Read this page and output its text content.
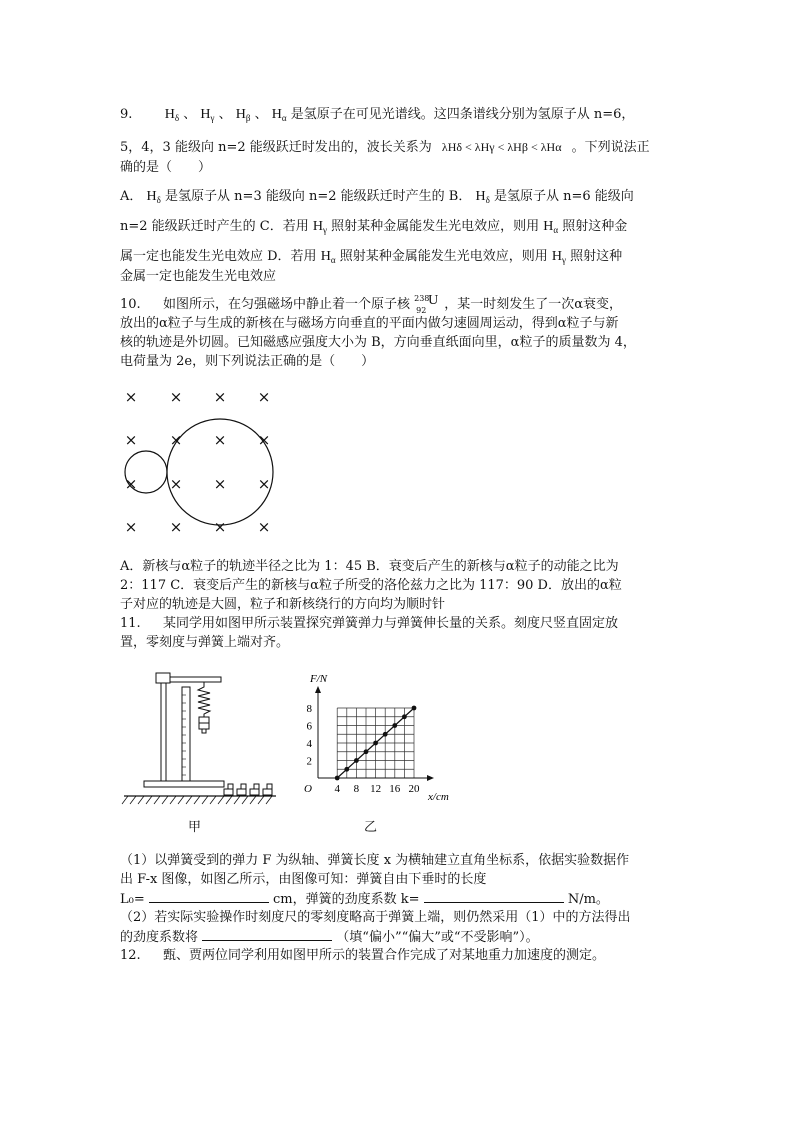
9. $H_\delta$ 、 $H_\gamma$ 、 $H_\beta$ 、 $H_\alpha$ 是氢原子在可见光谱线。这四条谱线分别为氢原子从 n=6，
5，4，3 能级向 n=2 能级跃迁时发出的，波长关系为 λHδ < λHγ < λHβ < λHα 。下列说法正
确的是（　　）
A． $H_\delta$ 是氢原子从 n=3 能级向 n=2 能级跃迁时产生的 B． $H_\delta$ 是氢原子从 n=6 能级向
n=2 能级跃迁时产生的 C．若用 $H_\gamma$ 照射某种金属能发生光电效应，则用 $H_\alpha$ 照射这种金
属一定也能发生光电效应 D．若用 $H_\alpha$ 照射某种金属能发生光电效应，则用 $H_\gamma$ 照射这种
金属一定也能发生光电效应
10. 如图所示，在匀强磁场中静止着一个原子核 238
92
U ，某一时刻发生了一次α衰变，
放出的α粒子与生成的新核在与磁场方向垂直的平面内做匀速圆周运动，得到α粒子与新
核的轨迹是外切圆。已知磁感应强度大小为 B，方向垂直纸面向里，α粒子的质量数为 4，
电荷量为 2e，则下列说法正确的是（　　）
× × × ×
× × × ×
× × × ×
× × × ×
A．新核与α粒子的轨迹半径之比为 1：45 B．衰变后产生的新核与α粒子的动能之比为
2：117 C．衰变后产生的新核与α粒子所受的洛伦兹力之比为 117：90 D．放出的α粒
子对应的轨迹是大圆，粒子和新核绕行的方向均为顺时针
11. 某同学用如图甲所示装置探究弹簧弹力与弹簧伸长量的关系。刻度尺竖直固定放
置，零刻度与弹簧上端对齐。
甲
F/N
x/cm
O 4 8 12 16 20
2
4
6
8
乙
（1）以弹簧受到的弹力 F 为纵轴、弹簧长度 x 为横轴建立直角坐标系，依据实验数据作
出 F-x 图像，如图乙所示，由图像可知：弹簧自由下垂时的长度
L₀=	cm，弹簧的劲度系数 k=	N/m。
（2）若实际实验操作时刻度尺的零刻度略高于弹簧上端，则仍然采用（1）中的方法得出
的劲度系数将	（填“偏小”“偏大”或“不受影响”）。
12. 甄、贾两位同学利用如图甲所示的装置合作完成了对某地重力加速度的测定。
